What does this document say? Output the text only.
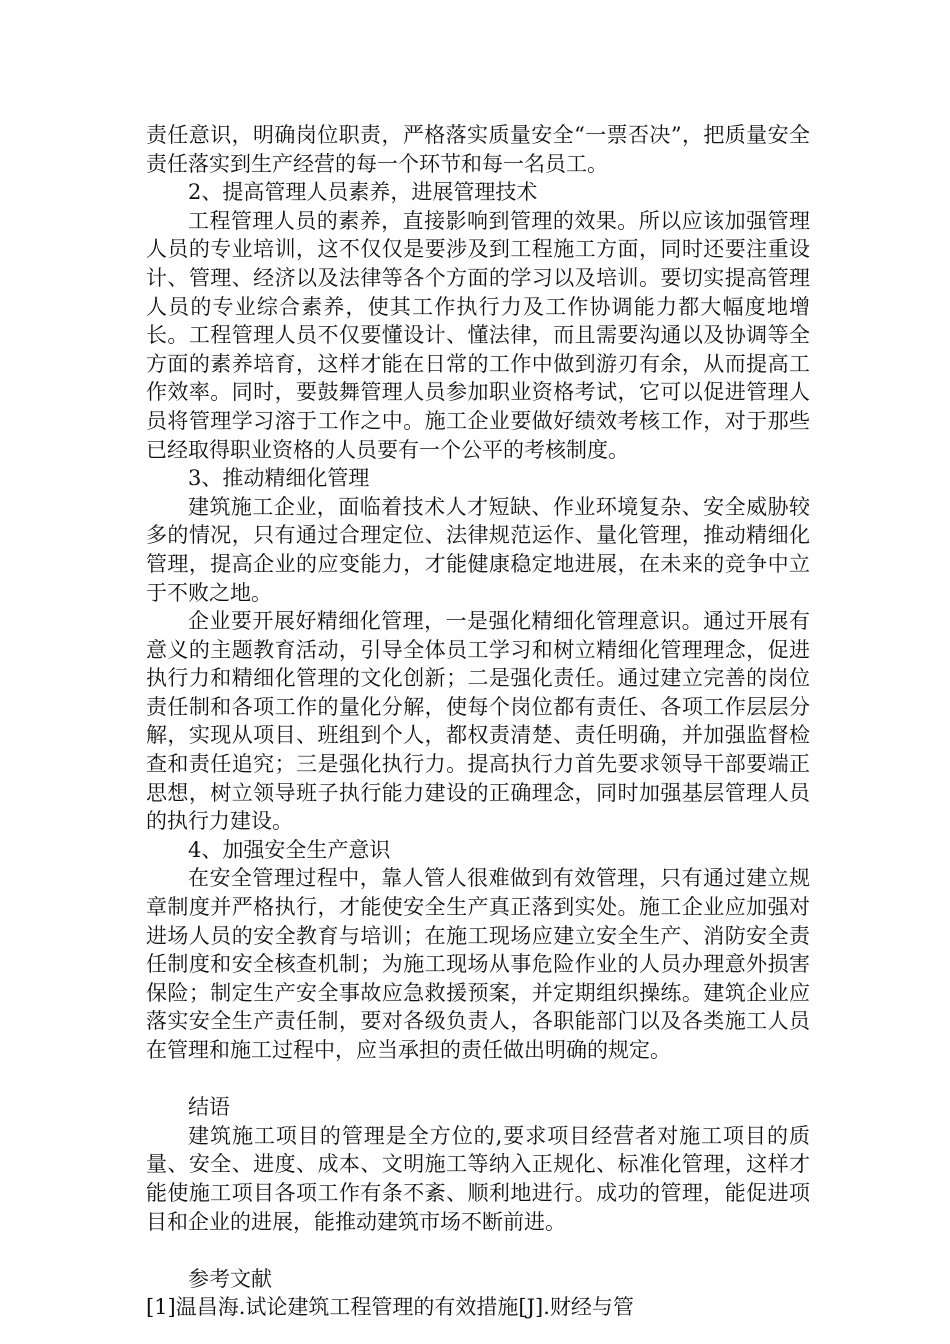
责任意识，明确岗位职责，严格落实质量安全“一票否决”，把质量安全责任落实到生产经营的每一个环节和每一名员工。

2、提高管理人员素养，进展管理技术

工程管理人员的素养，直接影响到管理的效果。所以应该加强管理人员的专业培训，这不仅仅是要涉及到工程施工方面，同时还要注重设计、管理、经济以及法律等各个方面的学习以及培训。要切实提高管理人员的专业综合素养，使其工作执行力及工作协调能力都大幅度地增长。工程管理人员不仅要懂设计、懂法律，而且需要沟通以及协调等全方面的素养培育，这样才能在日常的工作中做到游刃有余，从而提高工作效率。同时，要鼓舞管理人员参加职业资格考试，它可以促进管理人员将管理学习溶于工作之中。施工企业要做好绩效考核工作，对于那些已经取得职业资格的人员要有一个公平的考核制度。

3、推动精细化管理

建筑施工企业，面临着技术人才短缺、作业环境复杂、安全威胁较多的情况，只有通过合理定位、法律规范运作、量化管理，推动精细化管理，提高企业的应变能力，才能健康稳定地进展，在未来的竞争中立于不败之地。

企业要开展好精细化管理，一是强化精细化管理意识。通过开展有意义的主题教育活动，引导全体员工学习和树立精细化管理理念，促进执行力和精细化管理的文化创新；二是强化责任。通过建立完善的岗位责任制和各项工作的量化分解，使每个岗位都有责任、各项工作层层分解，实现从项目、班组到个人，都权责清楚、责任明确，并加强监督检查和责任追究；三是强化执行力。提高执行力首先要求领导干部要端正思想，树立领导班子执行能力建设的正确理念，同时加强基层管理人员的执行力建设。

4、加强安全生产意识

在安全管理过程中，靠人管人很难做到有效管理，只有通过建立规章制度并严格执行，才能使安全生产真正落到实处。施工企业应加强对进场人员的安全教育与培训；在施工现场应建立安全生产、消防安全责任制度和安全核查机制；为施工现场从事危险作业的人员办理意外损害保险；制定生产安全事故应急救援预案，并定期组织操练。建筑企业应落实安全生产责任制，要对各级负责人，各职能部门以及各类施工人员在管理和施工过程中，应当承担的责任做出明确的规定。

结语

建筑施工项目的管理是全方位的,要求项目经营者对施工项目的质量、安全、进度、成本、文明施工等纳入正规化、标准化管理，这样才能使施工项目各项工作有条不紊、顺利地进行。成功的管理，能促进项目和企业的进展，能推动建筑市场不断前进。

参考文献

[1]温昌海.试论建筑工程管理的有效措施[J].财经与管
